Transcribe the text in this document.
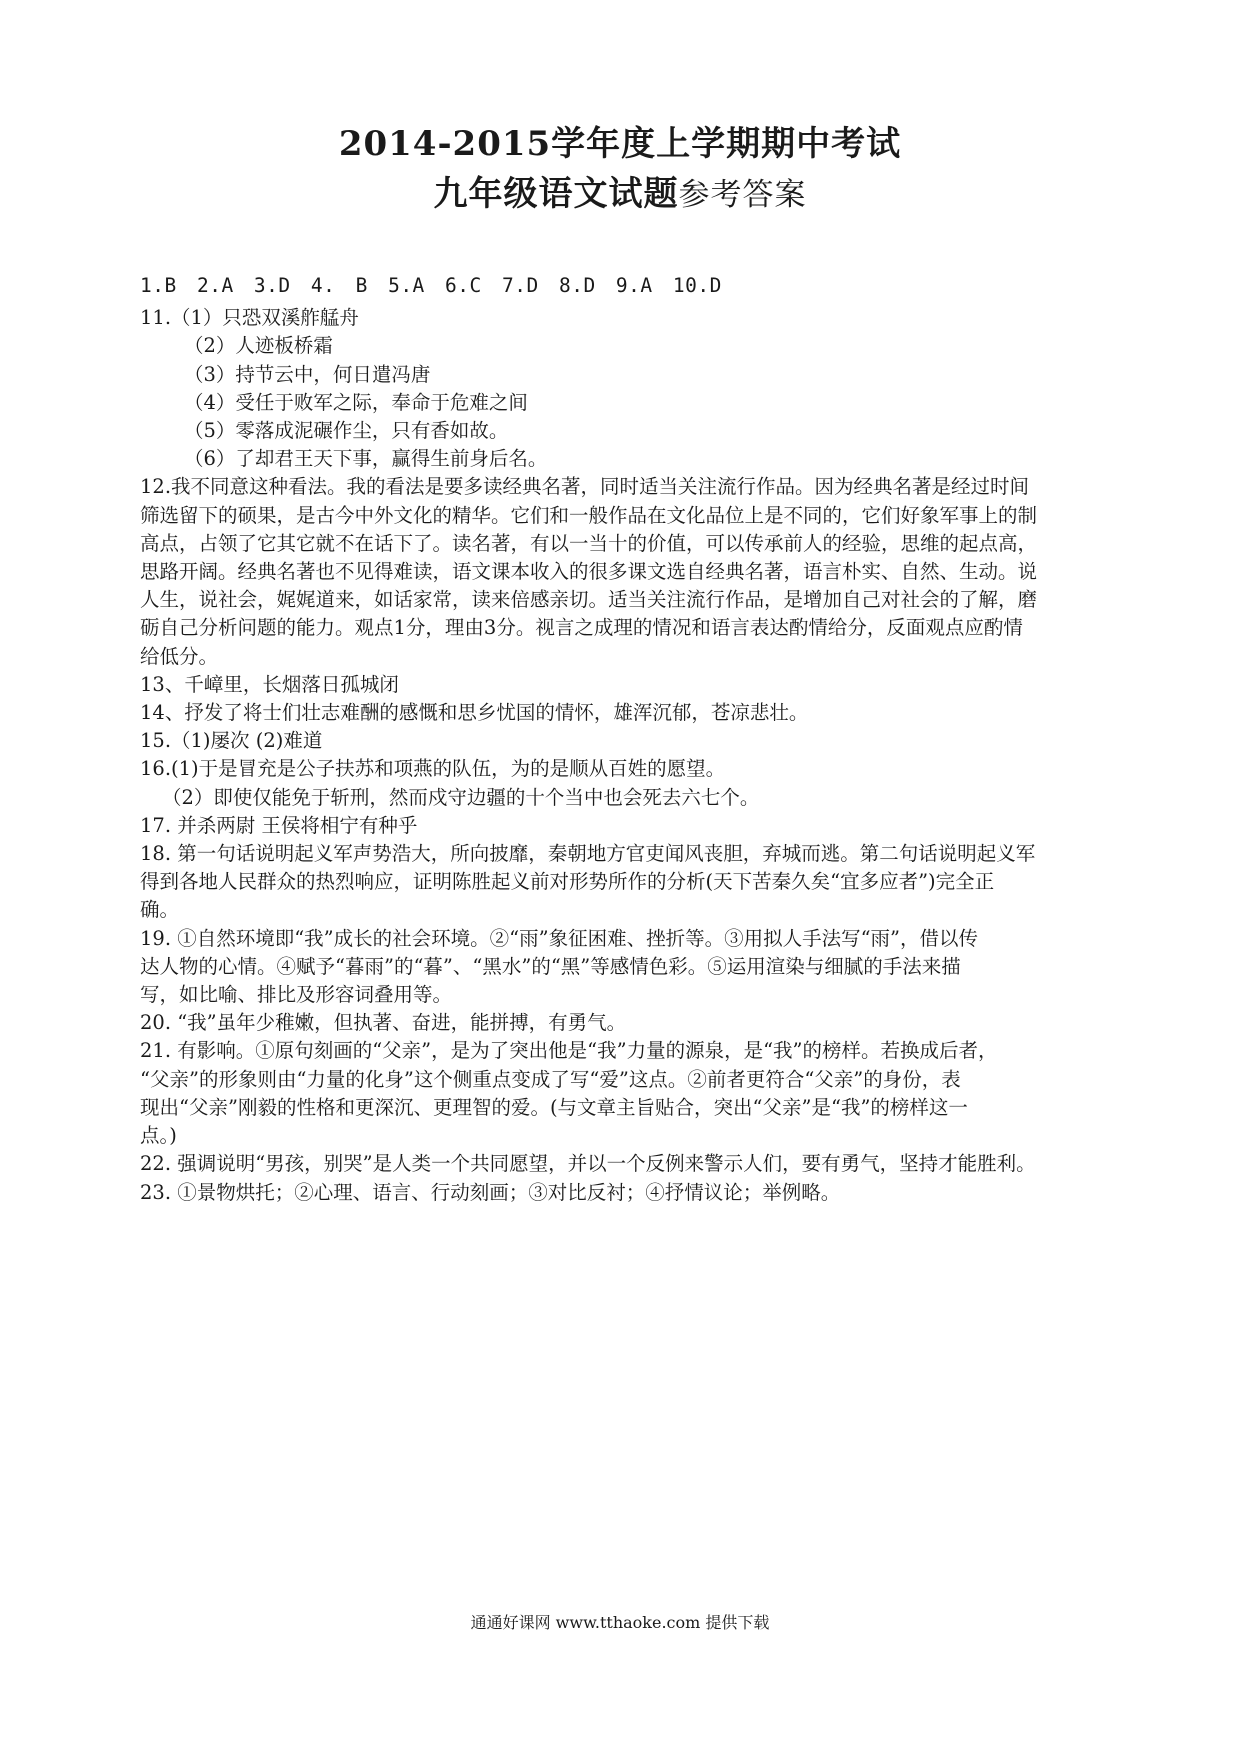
2014-2015学年度上学期期中考试
九年级语文试题参考答案
1.B 2.A 3.D 4. B 5.A 6.C 7.D 8.D 9.A 10.D
11.（1）只恐双溪舴艋舟
（2）人迹板桥霜
（3）持节云中，何日遣冯唐
（4）受任于败军之际，奉命于危难之间
（5）零落成泥碾作尘，只有香如故。
（6）了却君王天下事，赢得生前身后名。
12.我不同意这种看法。我的看法是要多读经典名著，同时适当关注流行作品。因为经典名著是经过时间
筛选留下的硕果，是古今中外文化的精华。它们和一般作品在文化品位上是不同的，它们好象军事上的制
高点，占领了它其它就不在话下了。读名著，有以一当十的价值，可以传承前人的经验，思维的起点高，
思路开阔。经典名著也不见得难读，语文课本收入的很多课文选自经典名著，语言朴实、自然、生动。说
人生，说社会，娓娓道来，如话家常，读来倍感亲切。适当关注流行作品，是增加自己对社会的了解，磨
砺自己分析问题的能力。观点1分，理由3分。视言之成理的情况和语言表达酌情给分，反面观点应酌情
给低分。
13、千嶂里，长烟落日孤城闭
14、抒发了将士们壮志难酬的感慨和思乡忧国的情怀，雄浑沉郁，苍凉悲壮。
15.（1)屡次 (2)难道
16.(1)于是冒充是公子扶苏和项燕的队伍，为的是顺从百姓的愿望。
（2）即使仅能免于斩刑，然而戍守边疆的十个当中也会死去六七个。
17. 并杀两尉 王侯将相宁有种乎
18. 第一句话说明起义军声势浩大，所向披靡，秦朝地方官吏闻风丧胆，弃城而逃。第二句话说明起义军
得到各地人民群众的热烈响应，证明陈胜起义前对形势所作的分析(天下苦秦久矣“宜多应者”)完全正
确。
19. ①自然环境即“我”成长的社会环境。②“雨”象征困难、挫折等。③用拟人手法写“雨”，借以传
达人物的心情。④赋予“暮雨”的“暮”、“黑水”的“黑”等感情色彩。⑤运用渲染与细腻的手法来描
写，如比喻、排比及形容词叠用等。
20. “我”虽年少稚嫩，但执著、奋进，能拼搏，有勇气。
21. 有影响。①原句刻画的“父亲”，是为了突出他是“我”力量的源泉，是“我”的榜样。若换成后者，
“父亲”的形象则由“力量的化身”这个侧重点变成了写“爱”这点。②前者更符合“父亲”的身份，表
现出“父亲”刚毅的性格和更深沉、更理智的爱。(与文章主旨贴合，突出“父亲”是“我”的榜样这一
点。)
22. 强调说明“男孩，别哭”是人类一个共同愿望，并以一个反例来警示人们，要有勇气，坚持才能胜利。
23. ①景物烘托；②心理、语言、行动刻画；③对比反衬；④抒情议论；举例略。
通通好课网 www.tthaoke.com 提供下载
